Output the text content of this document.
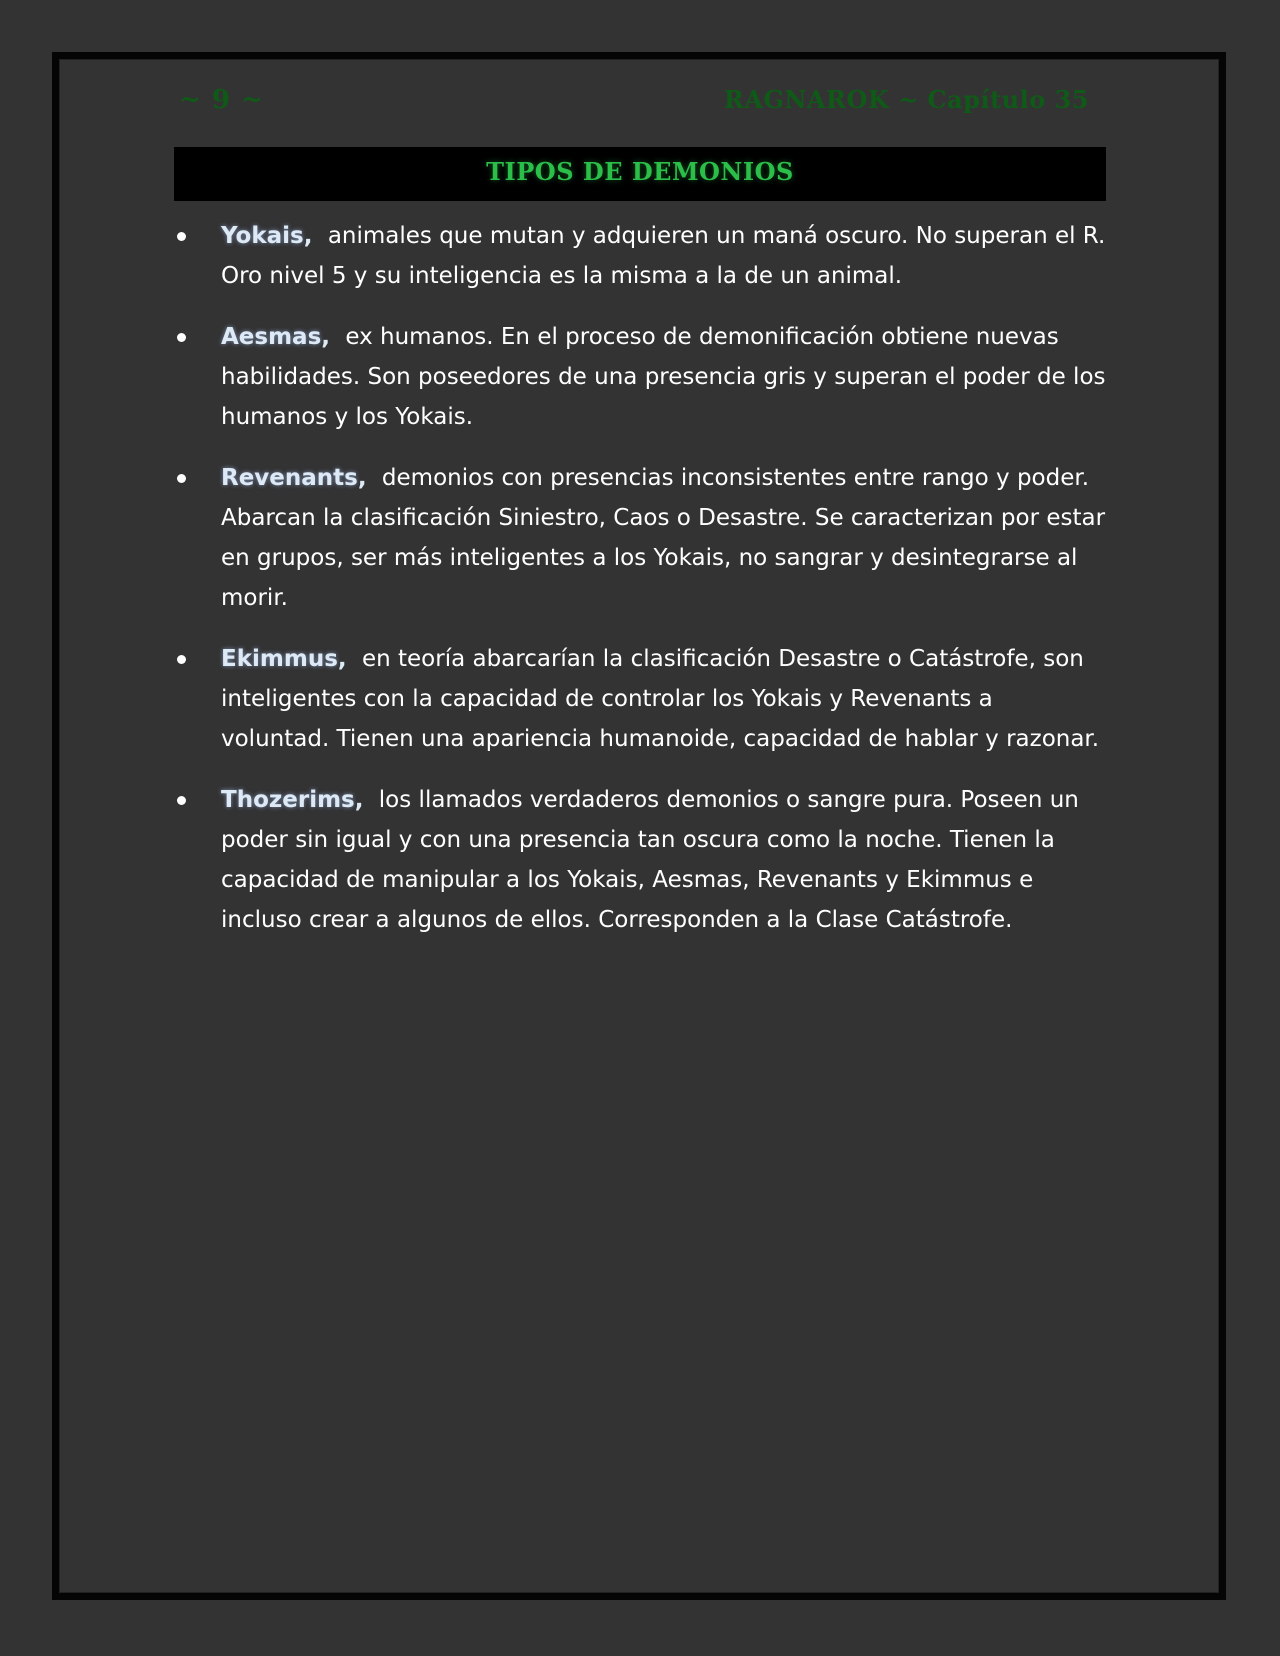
~ 9 ~	RAGNAROK ~ Capítulo 35
TIPOS DE DEMONIOS
Yokais, animales que mutan y adquieren un maná oscuro. No superan el R. Oro nivel 5 y su inteligencia es la misma a la de un animal.
Aesmas, ex humanos. En el proceso de demonificación obtiene nuevas habilidades. Son poseedores de una presencia gris y superan el poder de los humanos y los Yokais.
Revenants, demonios con presencias inconsistentes entre rango y poder. Abarcan la clasificación Siniestro, Caos o Desastre. Se caracterizan por estar en grupos, ser más inteligentes a los Yokais, no sangrar y desintegrarse al morir.
Ekimmus, en teoría abarcarían la clasificación Desastre o Catástrofe, son inteligentes con la capacidad de controlar los Yokais y Revenants a voluntad. Tienen una apariencia humanoide, capacidad de hablar y razonar.
Thozerims, los llamados verdaderos demonios o sangre pura. Poseen un poder sin igual y con una presencia tan oscura como la noche. Tienen la capacidad de manipular a los Yokais, Aesmas, Revenants y Ekimmus e incluso crear a algunos de ellos. Corresponden a la Clase Catástrofe.
